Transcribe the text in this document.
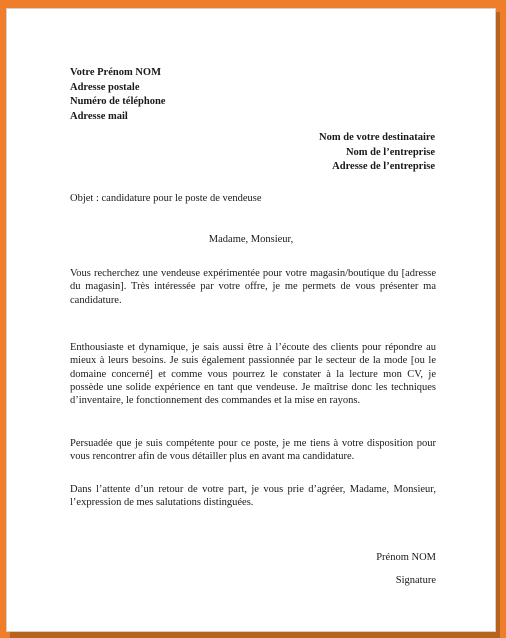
Votre Prénom NOM
Adresse postale
Numéro de téléphone
Adresse mail
Nom de votre destinataire
Nom de l’entreprise
Adresse de l’entreprise
Objet : candidature pour le poste de vendeuse
Madame, Monsieur,
Vous recherchez une vendeuse expérimentée pour votre magasin/boutique du [adresse du magasin]. Très intéressée par votre offre, je me permets de vous présenter ma candidature.
Enthousiaste et dynamique, je sais aussi être à l’écoute des clients pour répondre au mieux à leurs besoins. Je suis également passionnée par le secteur de la mode [ou le domaine concerné] et comme vous pourrez le constater à la lecture mon CV, je possède une solide expérience en tant que vendeuse. Je maîtrise donc les techniques d’inventaire, le fonctionnement des commandes et la mise en rayons.
Persuadée que je suis compétente pour ce poste, je me tiens à votre disposition pour vous rencontrer afin de vous détailler plus en avant ma candidature.
Dans l’attente d’un retour de votre part, je vous prie d’agréer, Madame, Monsieur, l’expression de mes salutations distinguées.
Prénom NOM
Signature
